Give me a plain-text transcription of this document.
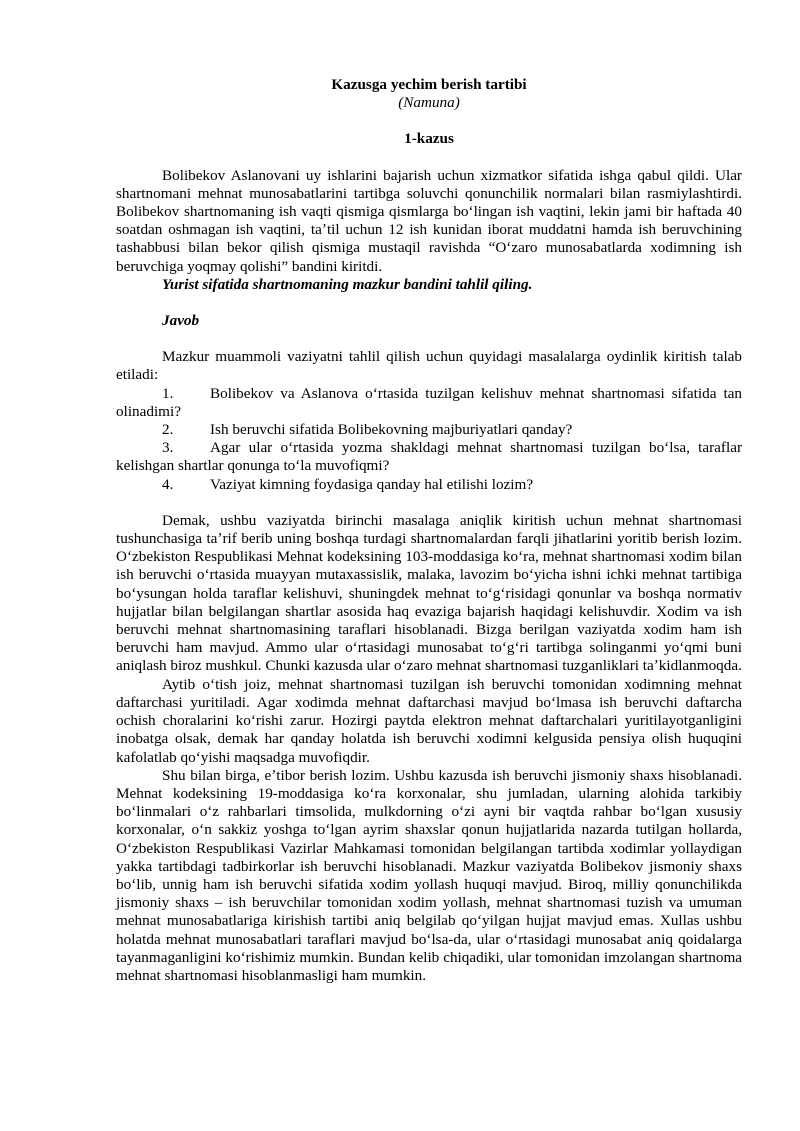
Kazusga yechim berish tartibi
(Namuna)
1-kazus

Bolibekov Aslanovani uy ishlarini bajarish uchun xizmatkor sifatida ishga qabul qildi. Ular shartnomani mehnat munosabatlarini tartibga soluvchi qonunchilik normalari bilan rasmiylashtirdi. Bolibekov shartnomaning ish vaqti qismiga qismlarga boʻlingan ish vaqtini, lekin jami bir haftada 40 soatdan oshmagan ish vaqtini, taʼtil uchun 12 ish kunidan iborat muddatni hamda ish beruvchining tashabbusi bilan bekor qilish qismiga mustaqil ravishda “Oʻzaro munosabatlarda xodimning ish beruvchiga yoqmay qolishi” bandini kiritdi.

Yurist sifatida shartnomaning mazkur bandini tahlil qiling.

Javob

Mazkur muammoli vaziyatni tahlil qilish uchun quyidagi masalalarga oydinlik kiritish talab etiladi:

1. Bolibekov va Aslanova oʻrtasida tuzilgan kelishuv mehnat shartnomasi sifatida tan olinadimi?

2. Ish beruvchi sifatida Bolibekovning majburiyatlari qanday?

3. Agar ular oʻrtasida yozma shakldagi mehnat shartnomasi tuzilgan boʻlsa, taraflar kelishgan shartlar qonunga toʻla muvofiqmi?

4. Vaziyat kimning foydasiga qanday hal etilishi lozim?

Demak, ushbu vaziyatda birinchi masalaga aniqlik kiritish uchun mehnat shartnomasi tushunchasiga taʼrif berib uning boshqa turdagi shartnomalardan farqli jihatlarini yoritib berish lozim. Oʻzbekiston Respublikasi Mehnat kodeksining 103-moddasiga koʻra, mehnat shartnomasi xodim bilan ish beruvchi oʻrtasida muayyan mutaxassislik, malaka, lavozim boʻyicha ishni ichki mehnat tartibiga boʻysungan holda taraflar kelishuvi, shuningdek mehnat toʻgʻrisidagi qonunlar va boshqa normativ hujjatlar bilan belgilangan shartlar asosida haq evaziga bajarish haqidagi kelishuvdir. Xodim va ish beruvchi mehnat shartnomasining taraflari hisoblanadi. Bizga berilgan vaziyatda xodim ham ish beruvchi ham mavjud. Ammo ular oʻrtasidagi munosabat toʻgʻri tartibga solinganmi yoʻqmi buni aniqlash biroz mushkul. Chunki kazusda ular oʻzaro mehnat shartnomasi tuzganliklari taʼkidlanmoqda.

Aytib oʻtish joiz, mehnat shartnomasi tuzilgan ish beruvchi tomonidan xodimning mehnat daftarchasi yuritiladi. Agar xodimda mehnat daftarchasi mavjud boʻlmasa ish beruvchi daftarcha ochish choralarini koʻrishi zarur. Hozirgi paytda elektron mehnat daftarchalari yuritilayotganligini inobatga olsak, demak har qanday holatda ish beruvchi xodimni kelgusida pensiya olish huquqini kafolatlab qoʻyishi maqsadga muvofiqdir.

Shu bilan birga, eʼtibor berish lozim. Ushbu kazusda ish beruvchi jismoniy shaxs hisoblanadi. Mehnat kodeksining 19-moddasiga koʻra korxonalar, shu jumladan, ularning alohida tarkibiy boʻlinmalari oʻz rahbarlari timsolida, mulkdorning oʻzi ayni bir vaqtda rahbar boʻlgan xususiy korxonalar, oʻn sakkiz yoshga toʻlgan ayrim shaxslar qonun hujjatlarida nazarda tutilgan hollarda, Oʻzbekiston Respublikasi Vazirlar Mahkamasi tomonidan belgilangan tartibda xodimlar yollaydigan yakka tartibdagi tadbirkorlar ish beruvchi hisoblanadi. Mazkur vaziyatda Bolibekov jismoniy shaxs boʻlib, unnig ham ish beruvchi sifatida xodim yollash huquqi mavjud. Biroq, milliy qonunchilikda jismoniy shaxs – ish beruvchilar tomonidan xodim yollash, mehnat shartnomasi tuzish va umuman mehnat munosabatlariga kirishish tartibi aniq belgilab qoʻyilgan hujjat mavjud emas. Xullas ushbu holatda mehnat munosabatlari taraflari mavjud boʻlsa-da, ular oʻrtasidagi munosabat aniq qoidalarga tayanmaganligini koʻrishimiz mumkin. Bundan kelib chiqadiki, ular tomonidan imzolangan shartnoma mehnat shartnomasi hisoblanmasligi ham mumkin.
